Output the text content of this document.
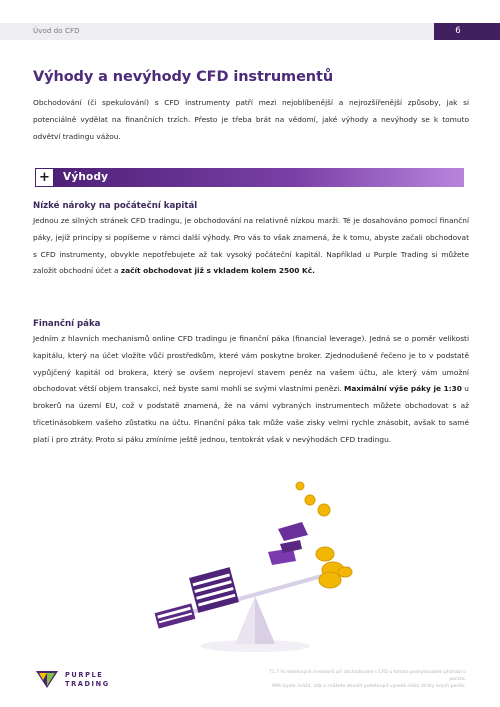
Úvod do CFD	6
Výhody a nevýhody CFD instrumentů

Obchodování (či spekulování) s CFD instrumenty patří mezi nejoblíbenější a nejrozšířenější způsoby, jak si potenciálně vydělat na finančních trzích. Přesto je třeba brát na vědomí, jaké výhody a nevýhody se k tomuto odvětví tradingu vážou.

+	Výhody
Nízké nároky na počáteční kapitál

Jednou ze silných stránek CFD tradingu, je obchodování na relativně nízkou marži. Té je dosahováno pomocí finanční páky, jejíž principy si popíšeme v rámci další výhody. Pro vás to však znamená, že k tomu, abyste začali obchodovat s CFD instrumenty, obvykle nepotřebujete až tak vysoký počáteční kapitál. Například u Purple Trading si můžete založit obchodní účet a začít obchodovat již s vkladem kolem 2500 Kč.

Finanční páka

Jedním z hlavních mechanismů online CFD tradingu je finanční páka (financial leverage). Jedná se o poměr velikosti kapitálu, který na účet vložíte vůči prostředkům, které vám poskytne broker. Zjednodušeně řečeno je to v podstatě vypůjčený kapitál od brokera, který se ovšem neprojeví stavem peněz na vašem účtu, ale který vám umožní obchodovat větší objem transakcí, než byste sami mohli se svými vlastními penězi. Maximální výše páky je 1:30 u brokerů na území EU, což v podstatě znamená, že na vámi vybraných instrumentech můžete obchodovat s až třicetinásobkem vašeho zůstatku na účtu. Finanční páka tak může vaše zisky velmi rychle znásobit, avšak to samé platí i pro ztráty. Proto si páku zmíníme ještě jednou, tentokrát však v nevýhodách CFD tradingu.

PURPLE
TRADING
71,7 % retailových investorů při obchodování s CFD u tohoto poskytovatele přichází o peníze.
Měli byste zvážit, zda si můžete dovolit podstoupit vysoké riziko ztráty svých peněz.
